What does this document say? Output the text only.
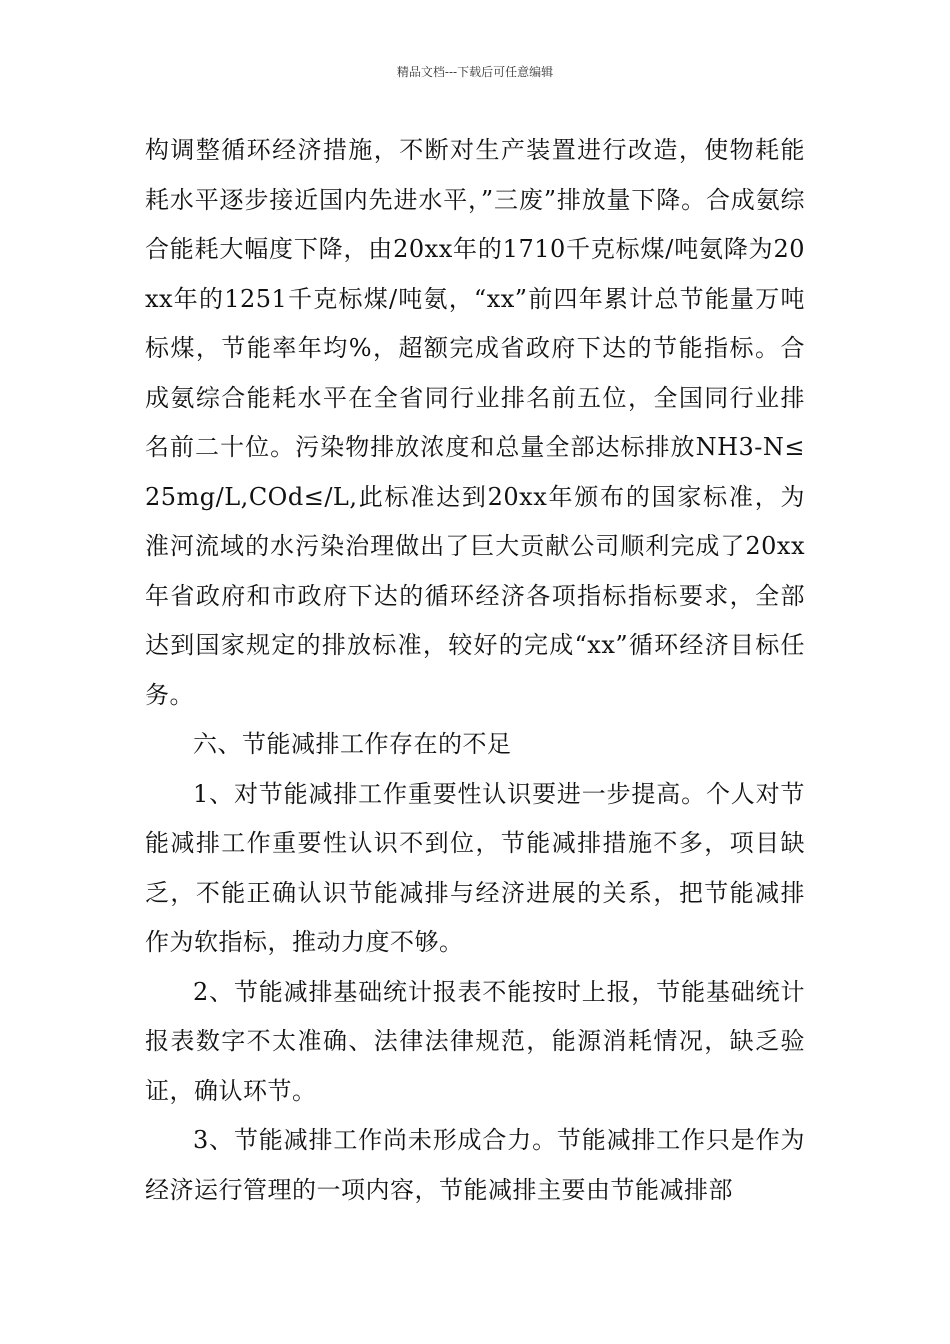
精品文档---下载后可任意编辑

构调整循环经济措施，不断对生产装置进行改造，使物耗能耗水平逐步接近国内先进水平，”三废”排放量下降。合成氨综合能耗大幅度下降，由20xx年的1710千克标煤/吨氨降为20xx年的1251千克标煤/吨氨，“xx”前四年累计总节能量万吨标煤，节能率年均%，超额完成省政府下达的节能指标。合成氨综合能耗水平在全省同行业排名前五位，全国同行业排名前二十位。污染物排放浓度和总量全部达标排放NH3-N≤25mg/L,COd≤/L,此标准达到20xx年颁布的国家标准，为淮河流域的水污染治理做出了巨大贡献公司顺利完成了20xx年省政府和市政府下达的循环经济各项指标指标要求，全部达到国家规定的排放标准，较好的完成“xx”循环经济目标任务。

六、节能减排工作存在的不足

1、对节能减排工作重要性认识要进一步提高。个人对节能减排工作重要性认识不到位，节能减排措施不多，项目缺乏，不能正确认识节能减排与经济进展的关系，把节能减排作为软指标，推动力度不够。

2、节能减排基础统计报表不能按时上报，节能基础统计报表数字不太准确、法律法律规范，能源消耗情况，缺乏验证，确认环节。

3、节能减排工作尚未形成合力。节能减排工作只是作为经济运行管理的一项内容，节能减排主要由节能减排部
